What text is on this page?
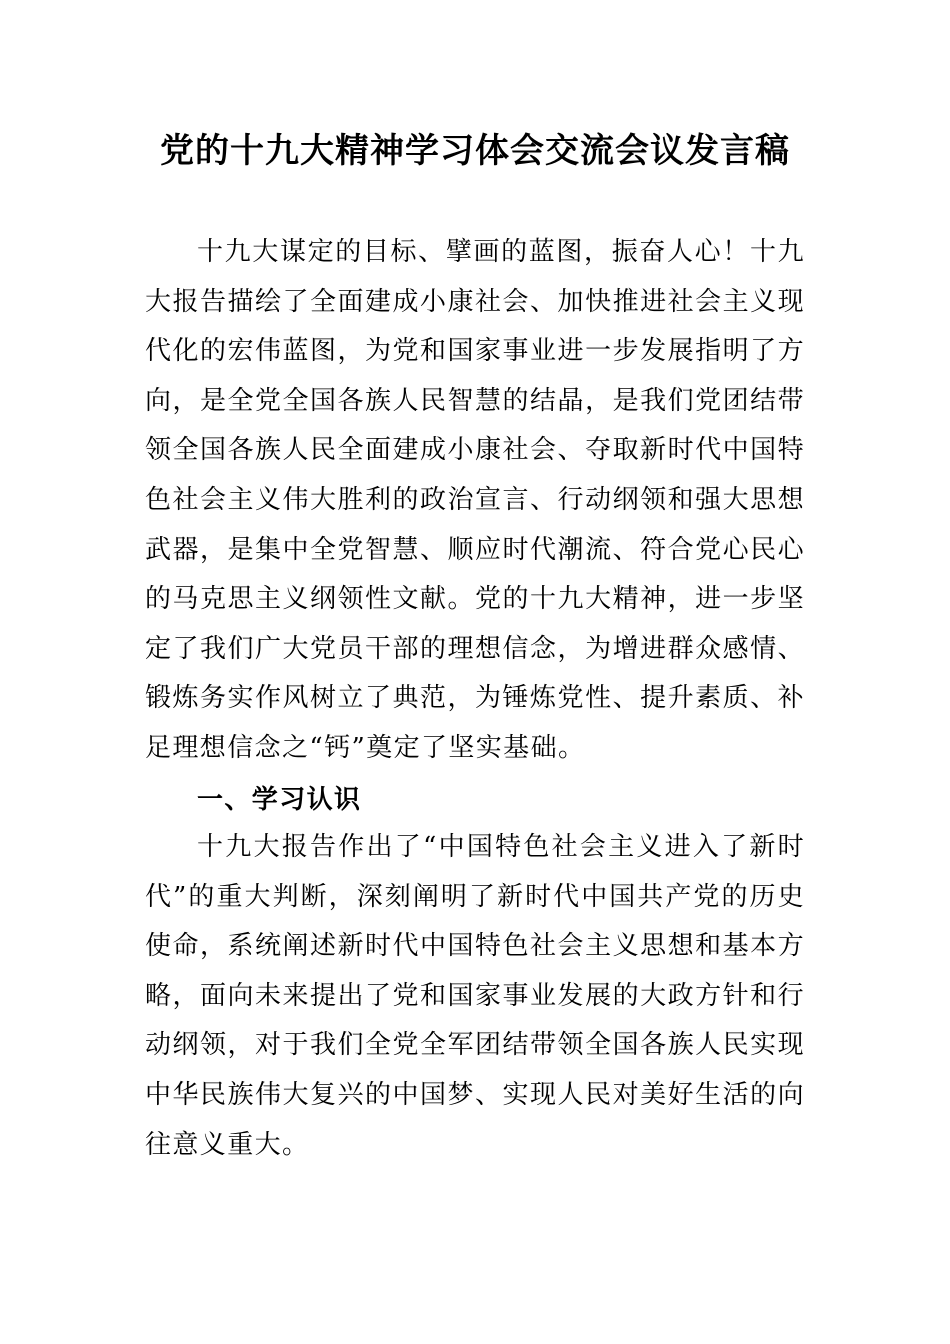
党的十九大精神学习体会交流会议发言稿

十九大谋定的目标、擘画的蓝图，振奋人心！十九大报告描绘了全面建成小康社会、加快推进社会主义现代化的宏伟蓝图，为党和国家事业进一步发展指明了方向，是全党全国各族人民智慧的结晶，是我们党团结带领全国各族人民全面建成小康社会、夺取新时代中国特色社会主义伟大胜利的政治宣言、行动纲领和强大思想武器，是集中全党智慧、顺应时代潮流、符合党心民心的马克思主义纲领性文献。党的十九大精神，进一步坚定了我们广大党员干部的理想信念，为增进群众感情、锻炼务实作风树立了典范，为锤炼党性、提升素质、补足理想信念之“钙”奠定了坚实基础。

一、学习认识

十九大报告作出了“中国特色社会主义进入了新时代”的重大判断，深刻阐明了新时代中国共产党的历史使命，系统阐述新时代中国特色社会主义思想和基本方略，面向未来提出了党和国家事业发展的大政方针和行动纲领，对于我们全党全军团结带领全国各族人民实现中华民族伟大复兴的中国梦、实现人民对美好生活的向往意义重大。
